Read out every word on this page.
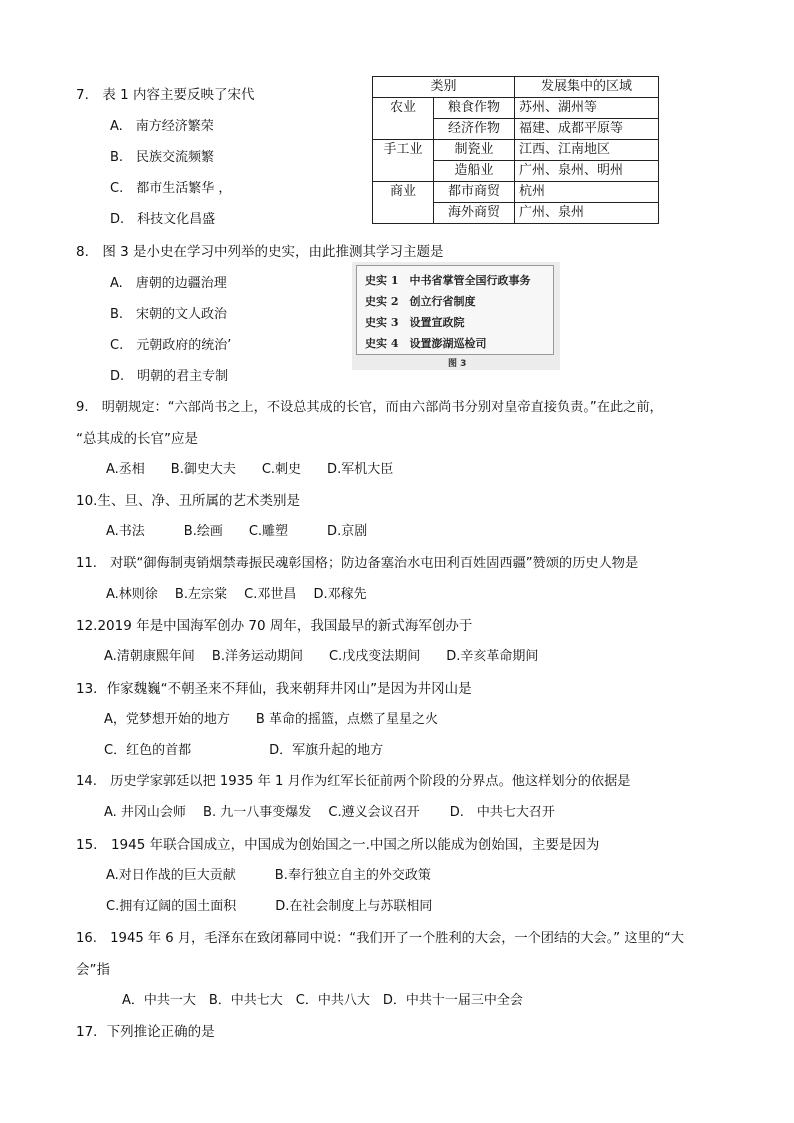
7.　表 1 内容主要反映了宋代
A.　南方经济繁荣
B.　民族交流频繁
C.　都市生活繁华 ，
D.　科技文化昌盛
类别		发展集中的区域
农业	粮食作物	苏州、湖州等
	经济作物	福建、成都平原等
手工业	制瓷业	江西、江南地区
	造船业	广州、泉州、明州
商业	都市商贸	杭州
	海外商贸	广州、泉州
8.　图 3 是小史在学习中列举的史实，由此推测其学习主题是
A.　唐朝的边疆治理
B.　宋朝的文人政治
C.　元朝政府的统治’
D.　明朝的君主专制
史实 1　中书省掌管全国行政事务
史实 2　创立行省制度
史实 3　设置宣政院
史实 4　设置澎湖巡检司
图 3
9.　明朝规定：“六部尚书之上，不设总其成的长官，而由六部尚书分别对皇帝直接负责。”在此之前，
“总其成的长官”应是
A.丞相　　B.御史大夫　　C.刺史　　D.军机大臣
10.生、旦、净、丑所属的艺术类别是
A.书法　　　B.绘画　　C.雕塑　　　D.京剧
11.　对联“御侮制夷销烟禁毒振民魂彰国格；防边备塞治水屯田利百姓固西疆”赞颂的历史人物是
A.林则徐　 B.左宗棠　 C.邓世昌　 D.邓稼先
12.2019 年是中国海军创办 70 周年，我国最早的新式海军创办于
A.清朝康熙年间　 B.洋务运动期间　　C.戊戌变法期间　　D.辛亥革命期间
13．作家魏巍“不朝圣来不拜仙，我来朝拜井冈山”是因为井冈山是
A，党梦想开始的地方　　B 革命的摇篮，点燃了星星之火
C．红色的首都　　　　　　D．军旗升起的地方
14.　历史学家郭廷以把 1935 年 1 月作为红军长征前两个阶段的分界点。他这样划分的依据是
A. 井冈山会师　 B. 九一八事变爆发　 C.遵义会议召开　　 D.　中共七大召开
15.　1945 年联合国成立，中国成为创始国之一.中国之所以能成为创始国，主要是因为
A.对日作战的巨大贡献　　　B.奉行独立自主的外交政策
C.拥有辽阔的国土面积　　　D.在社会制度上与苏联相同
16.　1945 年 6 月，毛泽东在致闭幕同中说：“我们开了一个胜利的大会，一个团结的大会。” 这里的“大
会”指
A．中共一大　B．中共七大　C．中共八大　D．中共十一届三中全会
17．下列推论正确的是
